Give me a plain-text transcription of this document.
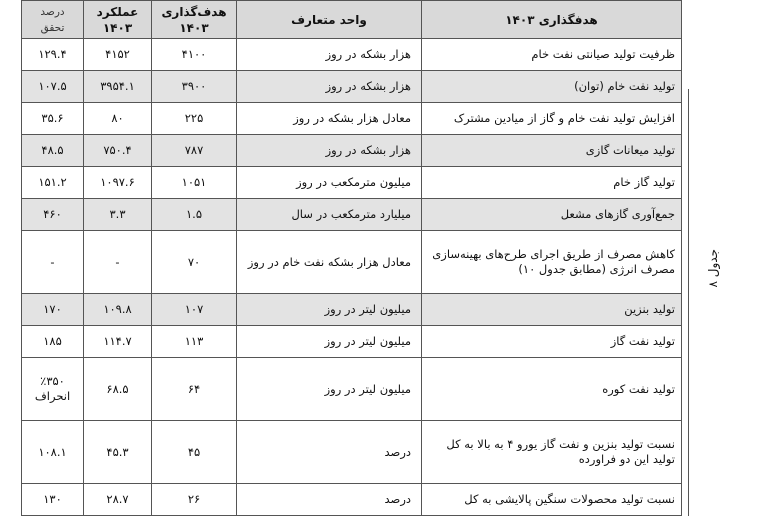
	هدفگذاری ۱۴۰۳	واحد متعارف	هدف‌گذاری ۱۴۰۳	عملکرد ۱۴۰۳	درصد تحقق

جدول ۸	ظرفیت تولید صیانتی نفت خام	هزار بشکه در روز	۴۱۰۰	۴۱۵۲	۱۲۹.۴
	تولید نفت خام (توان)	هزار بشکه در روز	۳۹۰۰	۳۹۵۴.۱	۱۰۷.۵
	افزایش تولید نفت خام و گاز از میادین مشترک	معادل هزار بشکه در روز	۲۲۵	۸۰	۳۵.۶
	تولید میعانات گازی	هزار بشکه در روز	۷۸۷	۷۵۰.۴	۴۸.۵
	تولید گاز خام	میلیون مترمکعب در روز	۱۰۵۱	۱۰۹۷.۶	۱۵۱.۲
	جمع‌آوری گازهای مشعل	میلیارد مترمکعب در سال	۱.۵	۳.۳	۴۶۰
	کاهش مصرف از طریق اجرای طرح‌های بهینه‌سازی مصرف انرژی (مطابق جدول ۱۰)	معادل هزار بشکه نفت خام در روز	۷۰	-	-
	تولید بنزین	میلیون لیتر در روز	۱۰۷	۱۰۹.۸	۱۷۰
	تولید نفت گاز	میلیون لیتر در روز	۱۱۳	۱۱۴.۷	۱۸۵
	تولید نفت کوره	میلیون لیتر در روز	۶۴	۶۸.۵	٪۳۵۰ انحراف
	نسبت تولید بنزین و نفت گاز یورو ۴ به بالا به کل تولید این دو فراورده	درصد	۴۵	۴۵.۳	۱۰۸.۱
	نسبت تولید محصولات سنگین پالایشی به کل	درصد	۲۶	۲۸.۷	۱۳۰
